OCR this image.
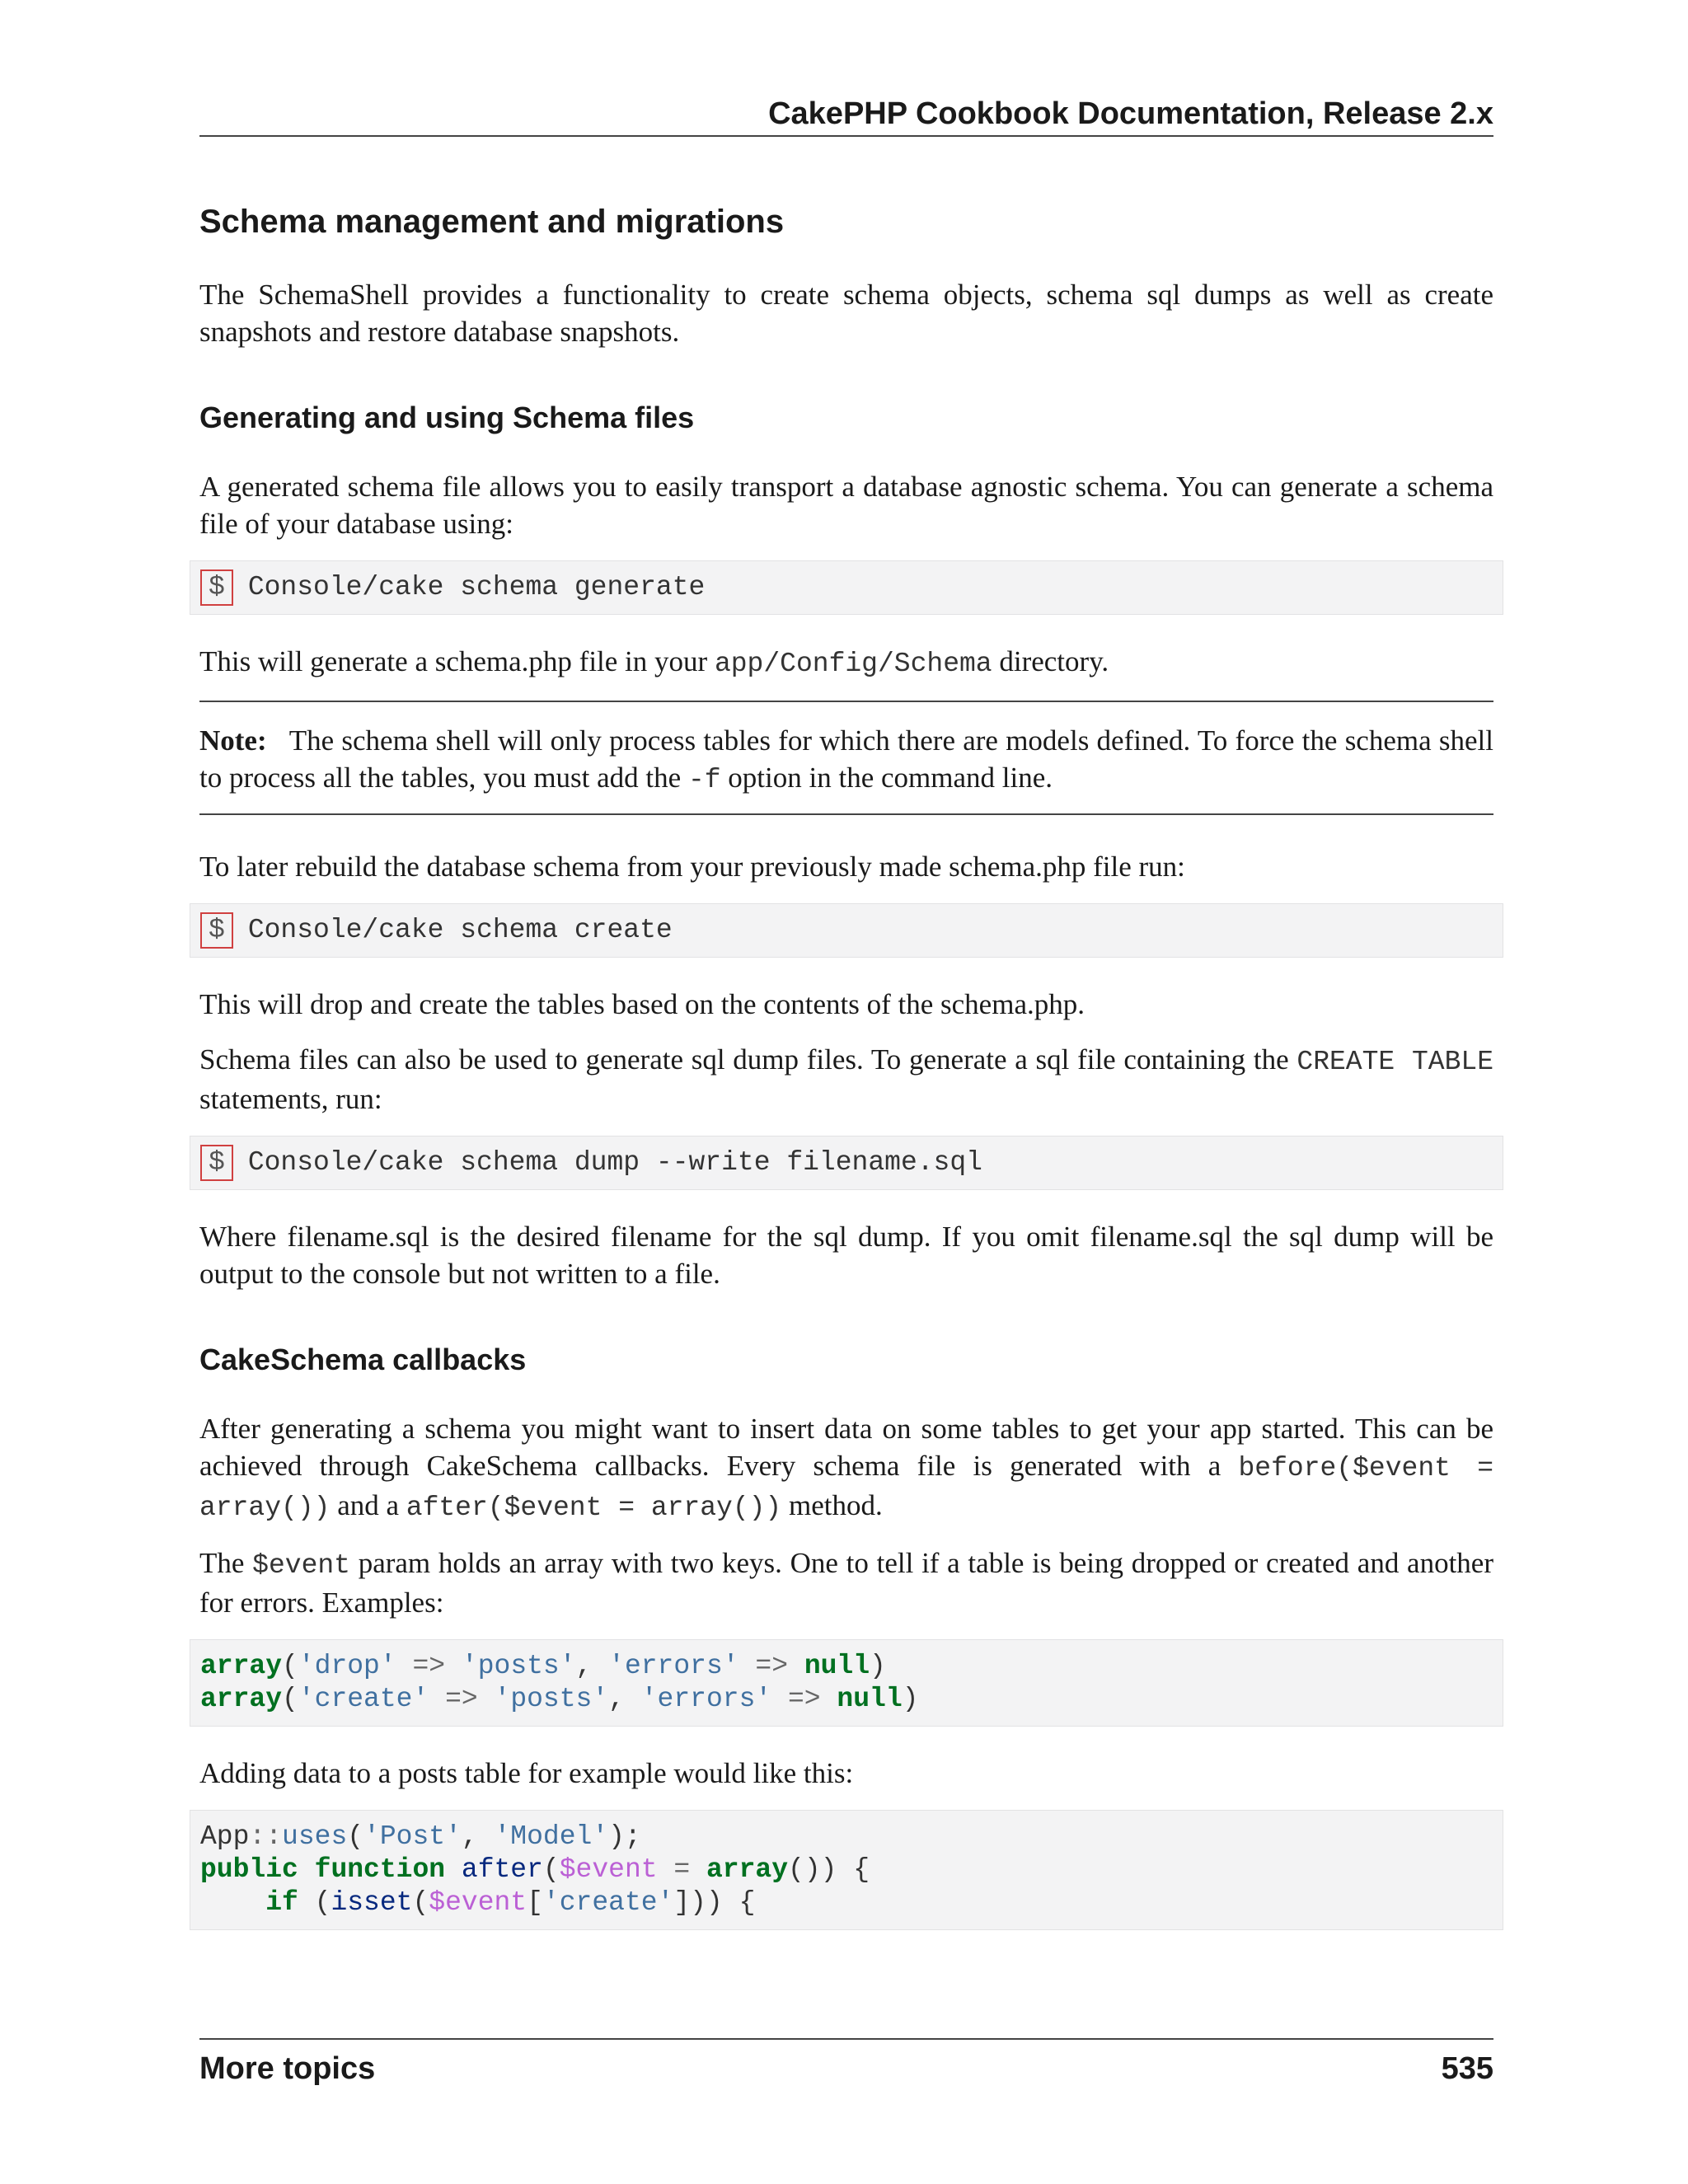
CakePHP Cookbook Documentation, Release 2.x
Schema management and migrations

The SchemaShell provides a functionality to create schema objects, schema sql dumps as well as create snapshots and restore database snapshots.

Generating and using Schema files

A generated schema file allows you to easily transport a database agnostic schema. You can generate a schema file of your database using:

$ Console/cake schema generate

This will generate a schema.php file in your app/Config/Schema directory.

Note: The schema shell will only process tables for which there are models defined. To force the schema shell to process all the tables, you must add the -f option in the command line.

To later rebuild the database schema from your previously made schema.php file run:

$ Console/cake schema create

This will drop and create the tables based on the contents of the schema.php.

Schema files can also be used to generate sql dump files. To generate a sql file containing the CREATE TABLE statements, run:

$ Console/cake schema dump --write filename.sql

Where filename.sql is the desired filename for the sql dump. If you omit filename.sql the sql dump will be output to the console but not written to a file.

CakeSchema callbacks

After generating a schema you might want to insert data on some tables to get your app started. This can be achieved through CakeSchema callbacks. Every schema file is generated with a before($event = array()) and a after($event = array()) method.

The $event param holds an array with two keys. One to tell if a table is being dropped or created and another for errors. Examples:

array('drop' => 'posts', 'errors' => null)
array('create' => 'posts', 'errors' => null)

Adding data to a posts table for example would like this:

App::uses('Post', 'Model');
public function after($event = array()) {
if (isset($event['create'])) {
More topics	535
